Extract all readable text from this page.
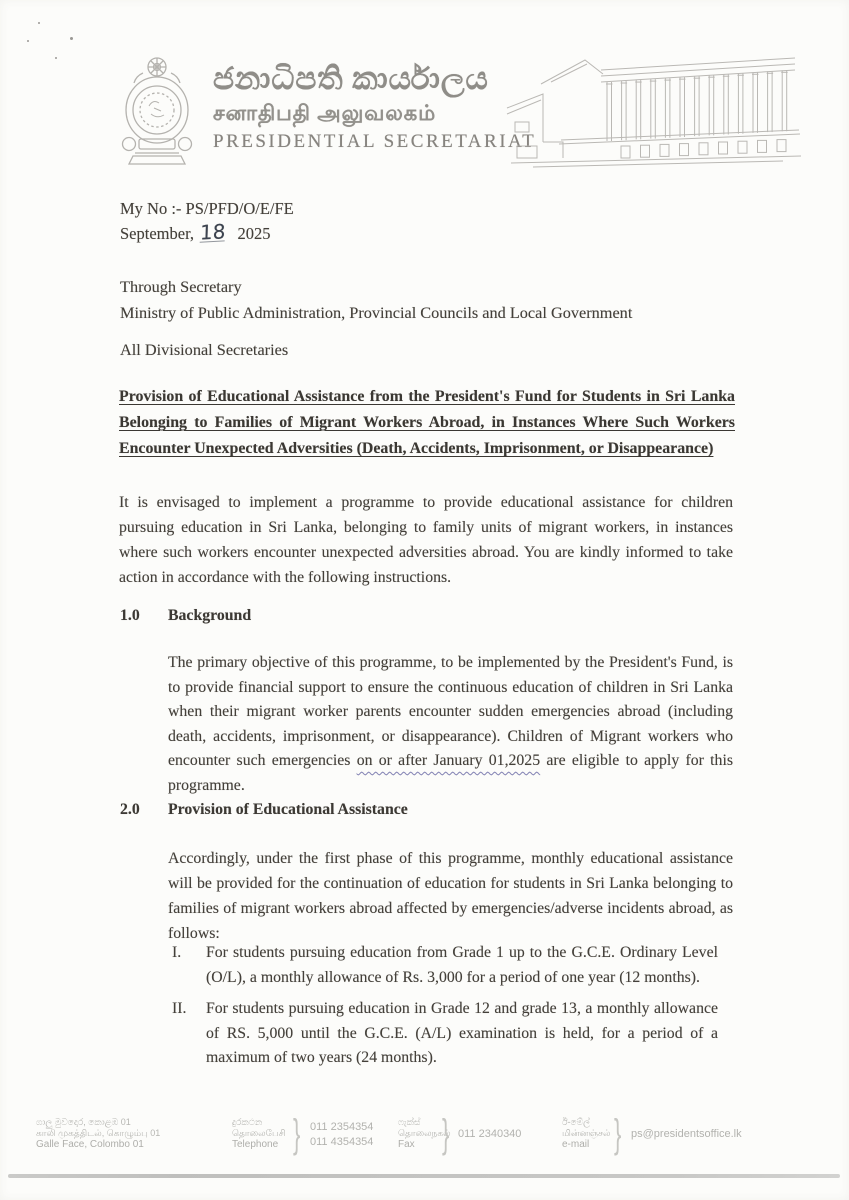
ජනාධිපති කාර්යාලය
சனாதிபதி அலுவலகம்
PRESIDENTIAL SECRETARIAT
My No :- PS/PFD/O/E/FE
September, 18 2025
Through Secretary
Ministry of Public Administration, Provincial Councils and Local Government
All Divisional Secretaries
Provision of Educational Assistance from the President's Fund for Students in Sri Lanka Belonging to Families of Migrant Workers Abroad, in Instances Where Such Workers Encounter Unexpected Adversities (Death, Accidents, Imprisonment, or Disappearance)
It is envisaged to implement a programme to provide educational assistance for children pursuing education in Sri Lanka, belonging to family units of migrant workers, in instances where such workers encounter unexpected adversities abroad. You are kindly informed to take action in accordance with the following instructions.
1.0 Background
The primary objective of this programme, to be implemented by the President's Fund, is to provide financial support to ensure the continuous education of children in Sri Lanka when their migrant worker parents encounter sudden emergencies abroad (including death, accidents, imprisonment, or disappearance). Children of Migrant workers who encounter such emergencies on or after January 01,2025 are eligible to apply for this programme.
2.0 Provision of Educational Assistance
Accordingly, under the first phase of this programme, monthly educational assistance will be provided for the continuation of education for students in Sri Lanka belonging to families of migrant workers abroad affected by emergencies/adverse incidents abroad, as follows:
I.	For students pursuing education from Grade 1 up to the G.C.E. Ordinary Level (O/L), a monthly allowance of Rs. 3,000 for a period of one year (12 months).
II.	For students pursuing education in Grade 12 and grade 13, a monthly allowance of RS. 5,000 until the G.C.E. (A/L) examination is held, for a period of a maximum of two years (24 months).
ගාලු මුවදොර, කොළඹ 01
காலி முகத்திடல், கொழும்பு 01
Galle Face, Colombo 01
දුරකථන
தொலைபேசி
Telephone } 011 2354354
011 4354354
ෆැක්ස්
தொலைநகல்
Fax } 011 2340340
ඊ-මේල්
மின்னஞ்சல்
e-mail } ps@presidentsoffice.lk
